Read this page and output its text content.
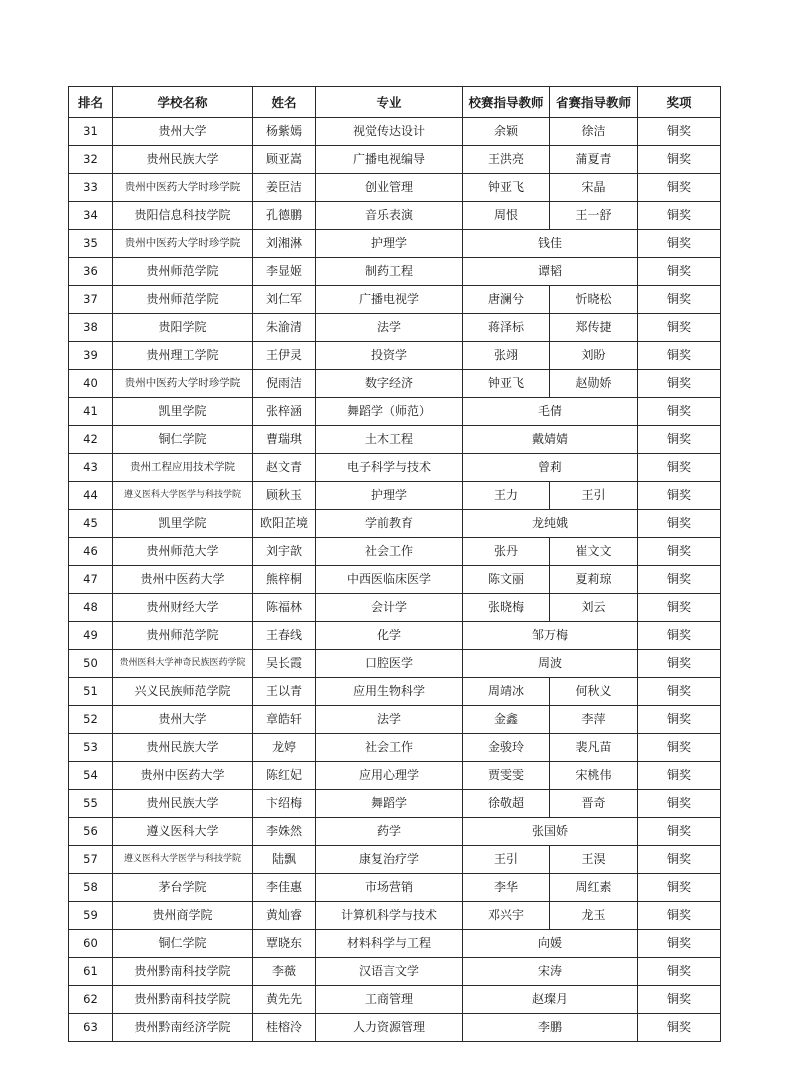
排名	学校名称	姓名	专业	校赛指导教师	省赛指导教师	奖项
31	贵州大学	杨紫嫣	视觉传达设计	余颖	徐洁	铜奖
32	贵州民族大学	顾亚嵩	广播电视编导	王洪亮	蒲夏青	铜奖
33	贵州中医药大学时珍学院	姜臣洁	创业管理	钟亚飞	宋晶	铜奖
34	贵阳信息科技学院	孔德鹏	音乐表演	周恨	王一舒	铜奖
35	贵州中医药大学时珍学院	刘湘淋	护理学	钱佳		铜奖
36	贵州师范学院	李显姬	制药工程	谭韬		铜奖
37	贵州师范学院	刘仁军	广播电视学	唐澜兮	忻晓松	铜奖
38	贵阳学院	朱渝清	法学	蒋泽标	郑传捷	铜奖
39	贵州理工学院	王伊灵	投资学	张翊	刘盼	铜奖
40	贵州中医药大学时珍学院	倪雨洁	数字经济	钟亚飞	赵勋娇	铜奖
41	凯里学院	张梓涵	舞蹈学（师范）	毛倩		铜奖
42	铜仁学院	曹瑞琪	土木工程	戴婧婧		铜奖
43	贵州工程应用技术学院	赵文青	电子科学与技术	曾莉		铜奖
44	遵义医科大学医学与科技学院	顾秋玉	护理学	王力	王引	铜奖
45	凯里学院	欧阳芷境	学前教育	龙纯娥		铜奖
46	贵州师范大学	刘宇歆	社会工作	张丹	崔文文	铜奖
47	贵州中医药大学	熊梓桐	中西医临床医学	陈文丽	夏莉琼	铜奖
48	贵州财经大学	陈福林	会计学	张晓梅	刘云	铜奖
49	贵州师范学院	王春线	化学	邹万梅		铜奖
50	贵州医科大学神奇民族医药学院	吴长霞	口腔医学	周波		铜奖
51	兴义民族师范学院	王以青	应用生物科学	周靖冰	何秋义	铜奖
52	贵州大学	章皓轩	法学	金鑫	李萍	铜奖
53	贵州民族大学	龙婷	社会工作	金骏玲	裴凡苗	铜奖
54	贵州中医药大学	陈红妃	应用心理学	贾雯雯	宋桃伟	铜奖
55	贵州民族大学	卞绍梅	舞蹈学	徐敬超	晋奇	铜奖
56	遵义医科大学	李姝然	药学	张国娇		铜奖
57	遵义医科大学医学与科技学院	陆飘	康复治疗学	王引	王淏	铜奖
58	茅台学院	李佳惠	市场营销	李华	周红素	铜奖
59	贵州商学院	黄灿睿	计算机科学与技术	邓兴宇	龙玉	铜奖
60	铜仁学院	覃晓东	材料科学与工程	向媛		铜奖
61	贵州黔南科技学院	李薇	汉语言文学	宋涛		铜奖
62	贵州黔南科技学院	黄先先	工商管理	赵璨月		铜奖
63	贵州黔南经济学院	桂榕泠	人力资源管理	李鹏		铜奖
